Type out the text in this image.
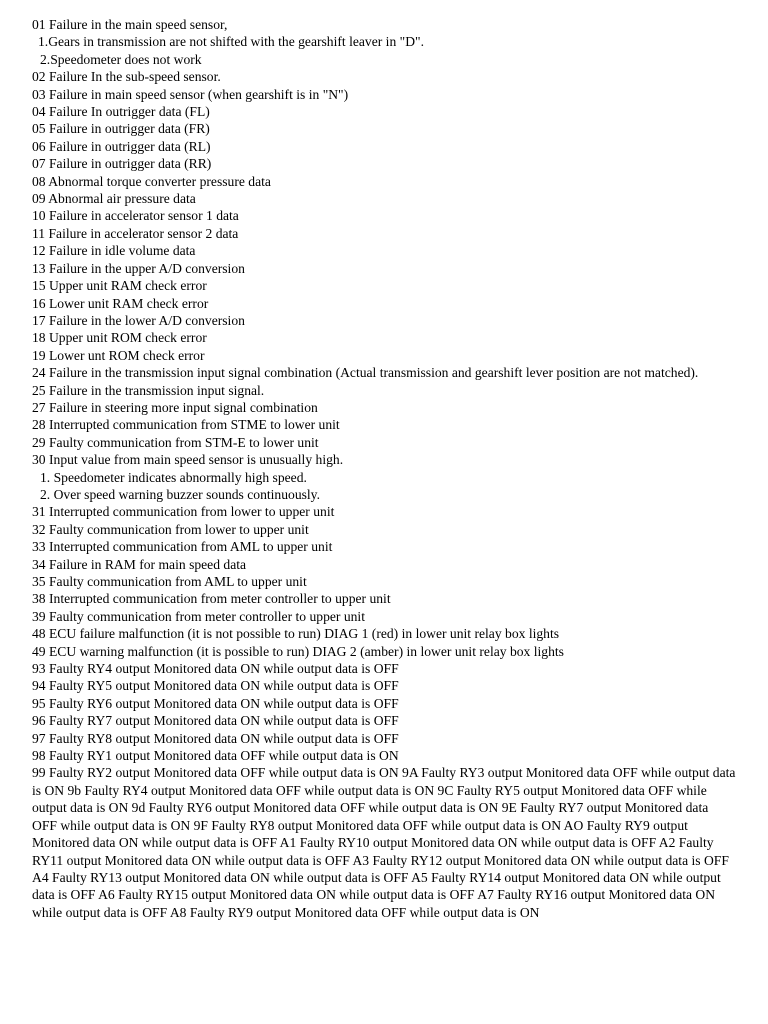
01 Failure in the main speed sensor,
1.Gears in transmission are not shifted with the gearshift leaver in "D".
2.Speedometer does not work
02 Failure In the sub-speed sensor.
03 Failure in main speed sensor (when gearshift is in "N")
04 Failure In outrigger data (FL)
05 Failure in outrigger data (FR)
06 Failure in outrigger data (RL)
07 Failure in outrigger data (RR)
08 Abnormal torque converter pressure data
09 Abnormal air pressure data
10 Failure in accelerator sensor 1 data
11 Failure in accelerator sensor 2 data
12 Failure in idle volume data
13 Failure in the upper A/D conversion
15 Upper unit RAM check error
16 Lower unit RAM check error
17 Failure in the lower A/D conversion
18 Upper unit ROM check error
19 Lower unt ROM check error
24 Failure in the transmission input signal combination (Actual transmission and gearshift lever position are not matched).
25 Failure in the transmission input signal.
27 Failure in steering more input signal combination
28 Interrupted communication from STME to lower unit
29 Faulty communication from STM-E to lower unit
30 Input value from main speed sensor is unusually high.
1. Speedometer indicates abnormally high speed.
2. Over speed warning buzzer sounds continuously.
31 Interrupted communication from lower to upper unit
32 Faulty communication from lower to upper unit
33 Interrupted communication from AML to upper unit
34 Failure in RAM for main speed data
35 Faulty communication from AML to upper unit
38 Interrupted communication from meter controller to upper unit
39 Faulty communication from meter controller to upper unit
48 ECU failure malfunction (it is not possible to run) DIAG 1 (red) in lower unit relay box lights
49 ECU warning malfunction (it is possible to run) DIAG 2 (amber) in lower unit relay box lights
93 Faulty RY4 output Monitored data ON while output data is OFF
94 Faulty RY5 output Monitored data ON while output data is OFF
95 Faulty RY6 output Monitored data ON while output data is OFF
96 Faulty RY7 output Monitored data ON while output data is OFF
97 Faulty RY8 output Monitored data ON while output data is OFF
98 Faulty RY1 output Monitored data OFF while output data is ON
99 Faulty RY2 output Monitored data OFF while output data is ON 9A Faulty RY3 output Monitored data OFF while output data is ON 9b Faulty RY4 output Monitored data OFF while output data is ON 9C Faulty RY5 output Monitored data OFF while output data is ON 9d Faulty RY6 output Monitored data OFF while output data is ON 9E Faulty RY7 output Monitored data OFF while output data is ON 9F Faulty RY8 output Monitored data OFF while output data is ON AO Faulty RY9 output Monitored data ON while output data is OFF A1 Faulty RY10 output Monitored data ON while output data is OFF A2 Faulty RY11 output Monitored data ON while output data is OFF A3 Faulty RY12 output Monitored data ON while output data is OFF A4 Faulty RY13 output Monitored data ON while output data is OFF A5 Faulty RY14 output Monitored data ON while output data is OFF A6 Faulty RY15 output Monitored data ON while output data is OFF A7 Faulty RY16 output Monitored data ON while output data is OFF A8 Faulty RY9 output Monitored data OFF while output data is ON
